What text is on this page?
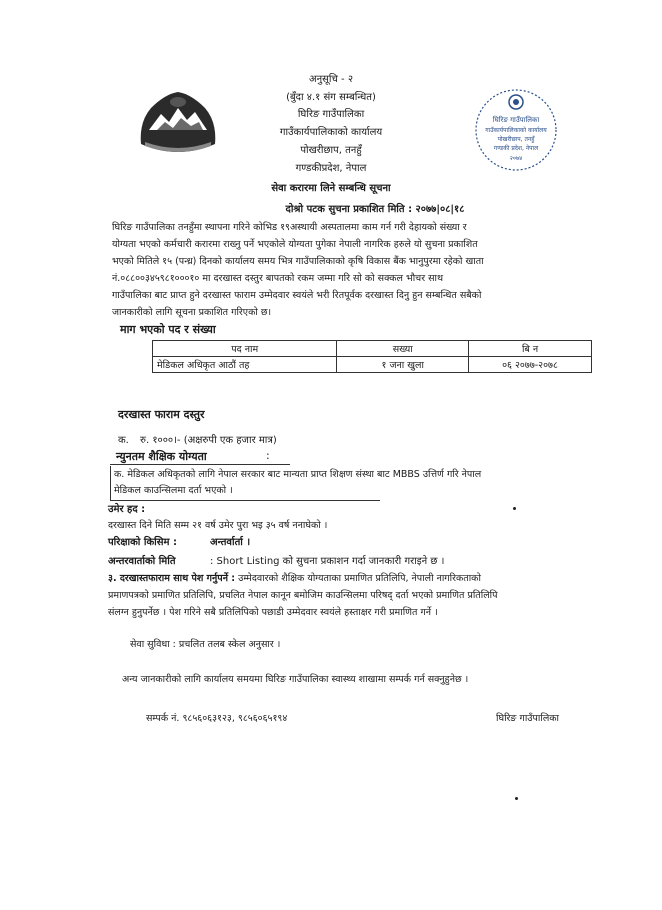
घिरिङ गाउँपालिका
गाउँकार्यपालिकाको कार्यालय
पोखरीछाप, तनहुँ
गण्डकी प्रदेश, नेपाल
२०७४
अनुसूचि - २
(बुँदा ४.१ संग सम्बन्धित)
घिरिङ गाउँपालिका
गाउँकार्यपालिकाको कार्यालय
पोखरीछाप, तनहुँ
गण्डकीप्रदेश, नेपाल
सेवा करारमा लिने सम्बन्धि सूचना
दोश्रो पटक सुचना प्रकाशित मिति : २०७७|०८|१८
घिरिङ गाउँपालिका तनहुँमा स्थापना गरिने कोभिड १९अस्थायी अस्पतालमा काम गर्न गरी देहायको संख्या र
योग्यता भएको कर्मचारी करारमा राख्नु पर्ने भएकोले योग्यता पुगेका नेपाली नागरिक हरुले यो सुचना प्रकाशित
भएको मितिले १५ (पन्ध्र) दिनको कार्यालय समय भित्र गाउँपालिकाको कृषि विकास बैंक भानुपुरमा रहेको खाता
नं.०८८००३४५९८१०००१० मा दरखास्त दस्तुर बापतको रकम जम्मा गरि सो को सक्कल भौचर साथ
गाउँपालिका बाट प्राप्त हुने दरखास्त फाराम उम्मेदवार स्वयंले भरी रितपूर्वक दरखास्त दिनु हुन सम्बन्धित सबैको
जानकारीको लागि सूचना प्रकाशित गरिएको छ।
माग भएको पद र संख्या
पद नाम	सख्या	बि न
मेडिकल अधिकृत आठौं तह	१ जना खुला	०६ २०७७-२०७८
दरखास्त फाराम दस्तुर
क. रु. १०००।- (अक्षरुपी एक हजार मात्र)
न्युनतम शैक्षिक योग्यता	:
क. मेडिकल अधिकृतको लागि नेपाल सरकार बाट मान्यता प्राप्त शिक्षण संस्था बाट MBBS उत्तिर्ण गरि नेपाल
मेडिकल काउन्सिलमा दर्ता भएको ।
उमेर हद :
दरखास्त दिने मिति सम्म २१ वर्ष उमेर पुरा भइ ३५ वर्ष ननाघेको ।
परिक्षाको किसिम :	अन्तर्वार्ता ।
अन्तरवार्ताको मिति	: Short Listing को सुचना प्रकाशन गर्दा जानकारी गराइने छ ।
३. दरखास्तफाराम साथ पेश गर्नुपर्ने : उम्मेदवारको शैक्षिक योग्यताका प्रमाणित प्रतिलिपि, नेपाली नागरिकताको
प्रमाणपत्रको प्रमाणित प्रतिलिपि, प्रचलित नेपाल कानून बमोजिम काउन्सिलमा परिषद् दर्ता भएको प्रमाणित प्रतिलिपि
संलग्न हुनुपर्नेछ । पेश गरिने सबै प्रतिलिपिको पछाडी उम्मेदवार स्वयंले हस्ताक्षर गरी प्रमाणित गर्ने ।
सेवा सुविधा : प्रचलित तलब स्केल अनुसार ।
अन्य जानकारीको लागि कार्यालय समयमा घिरिङ गाउँपालिका स्वास्थ्य शाखामा सम्पर्क गर्न सक्नुहुनेछ ।
सम्पर्क नं. ९८५६०६३१२३, ९८५६०६५१९४	घिरिङ गाउँपालिका
